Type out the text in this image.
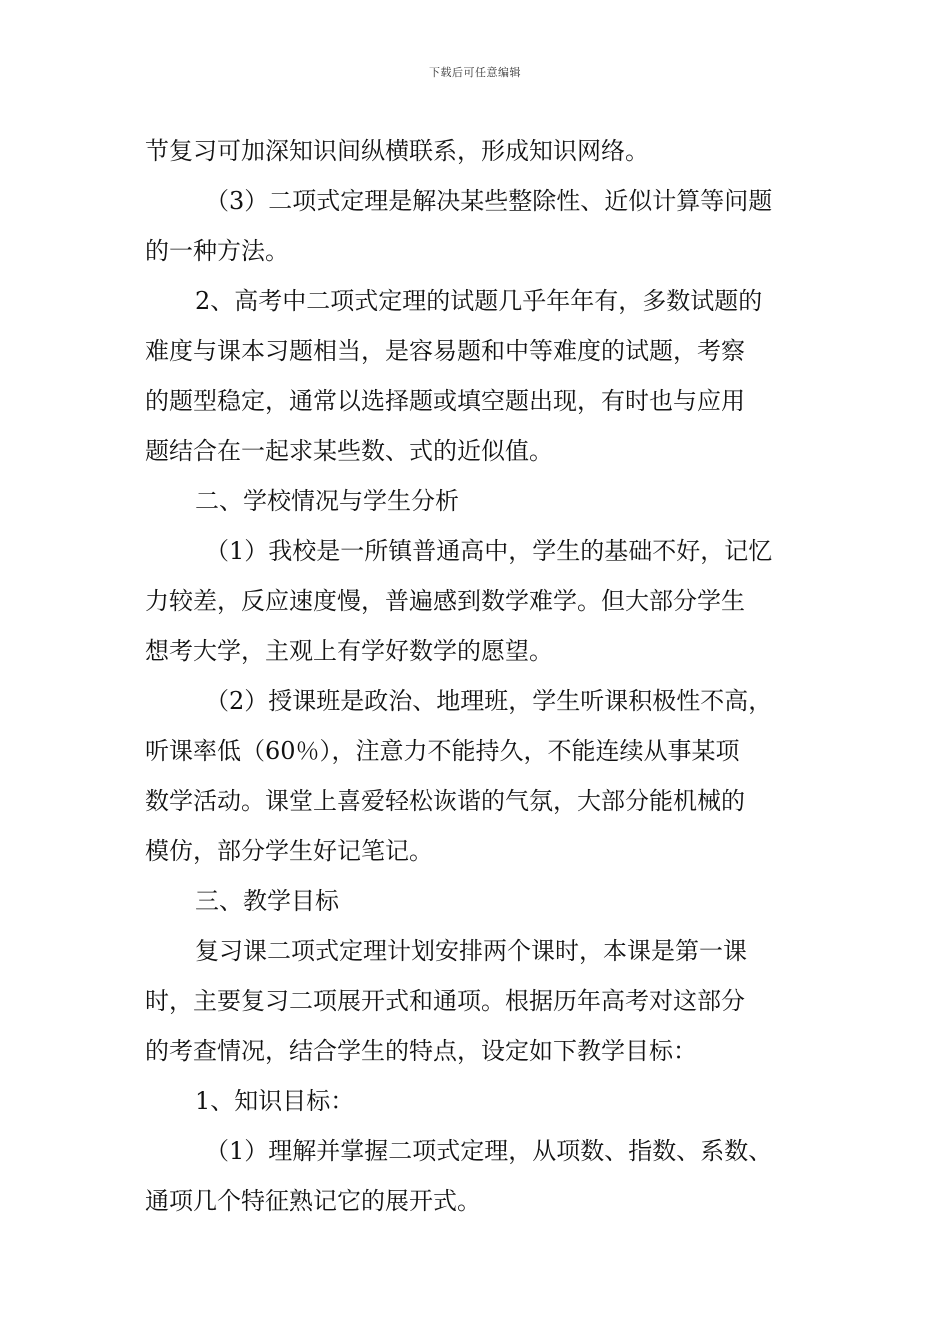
下载后可任意编辑
节复习可加深知识间纵横联系，形成知识网络。
（3）二项式定理是解决某些整除性、近似计算等问题
的一种方法。
2、高考中二项式定理的试题几乎年年有，多数试题的
难度与课本习题相当，是容易题和中等难度的试题，考察
的题型稳定，通常以选择题或填空题出现，有时也与应用
题结合在一起求某些数、式的近似值。
二、学校情况与学生分析
（1）我校是一所镇普通高中，学生的基础不好，记忆
力较差，反应速度慢，普遍感到数学难学。但大部分学生
想考大学，主观上有学好数学的愿望。
（2）授课班是政治、地理班，学生听课积极性不高，
听课率低（60％），注意力不能持久，不能连续从事某项
数学活动。课堂上喜爱轻松诙谐的气氛，大部分能机械的
模仿，部分学生好记笔记。
三、教学目标
复习课二项式定理计划安排两个课时，本课是第一课
时，主要复习二项展开式和通项。根据历年高考对这部分
的考查情况，结合学生的特点，设定如下教学目标：
1、知识目标：
（1）理解并掌握二项式定理，从项数、指数、系数、
通项几个特征熟记它的展开式。
